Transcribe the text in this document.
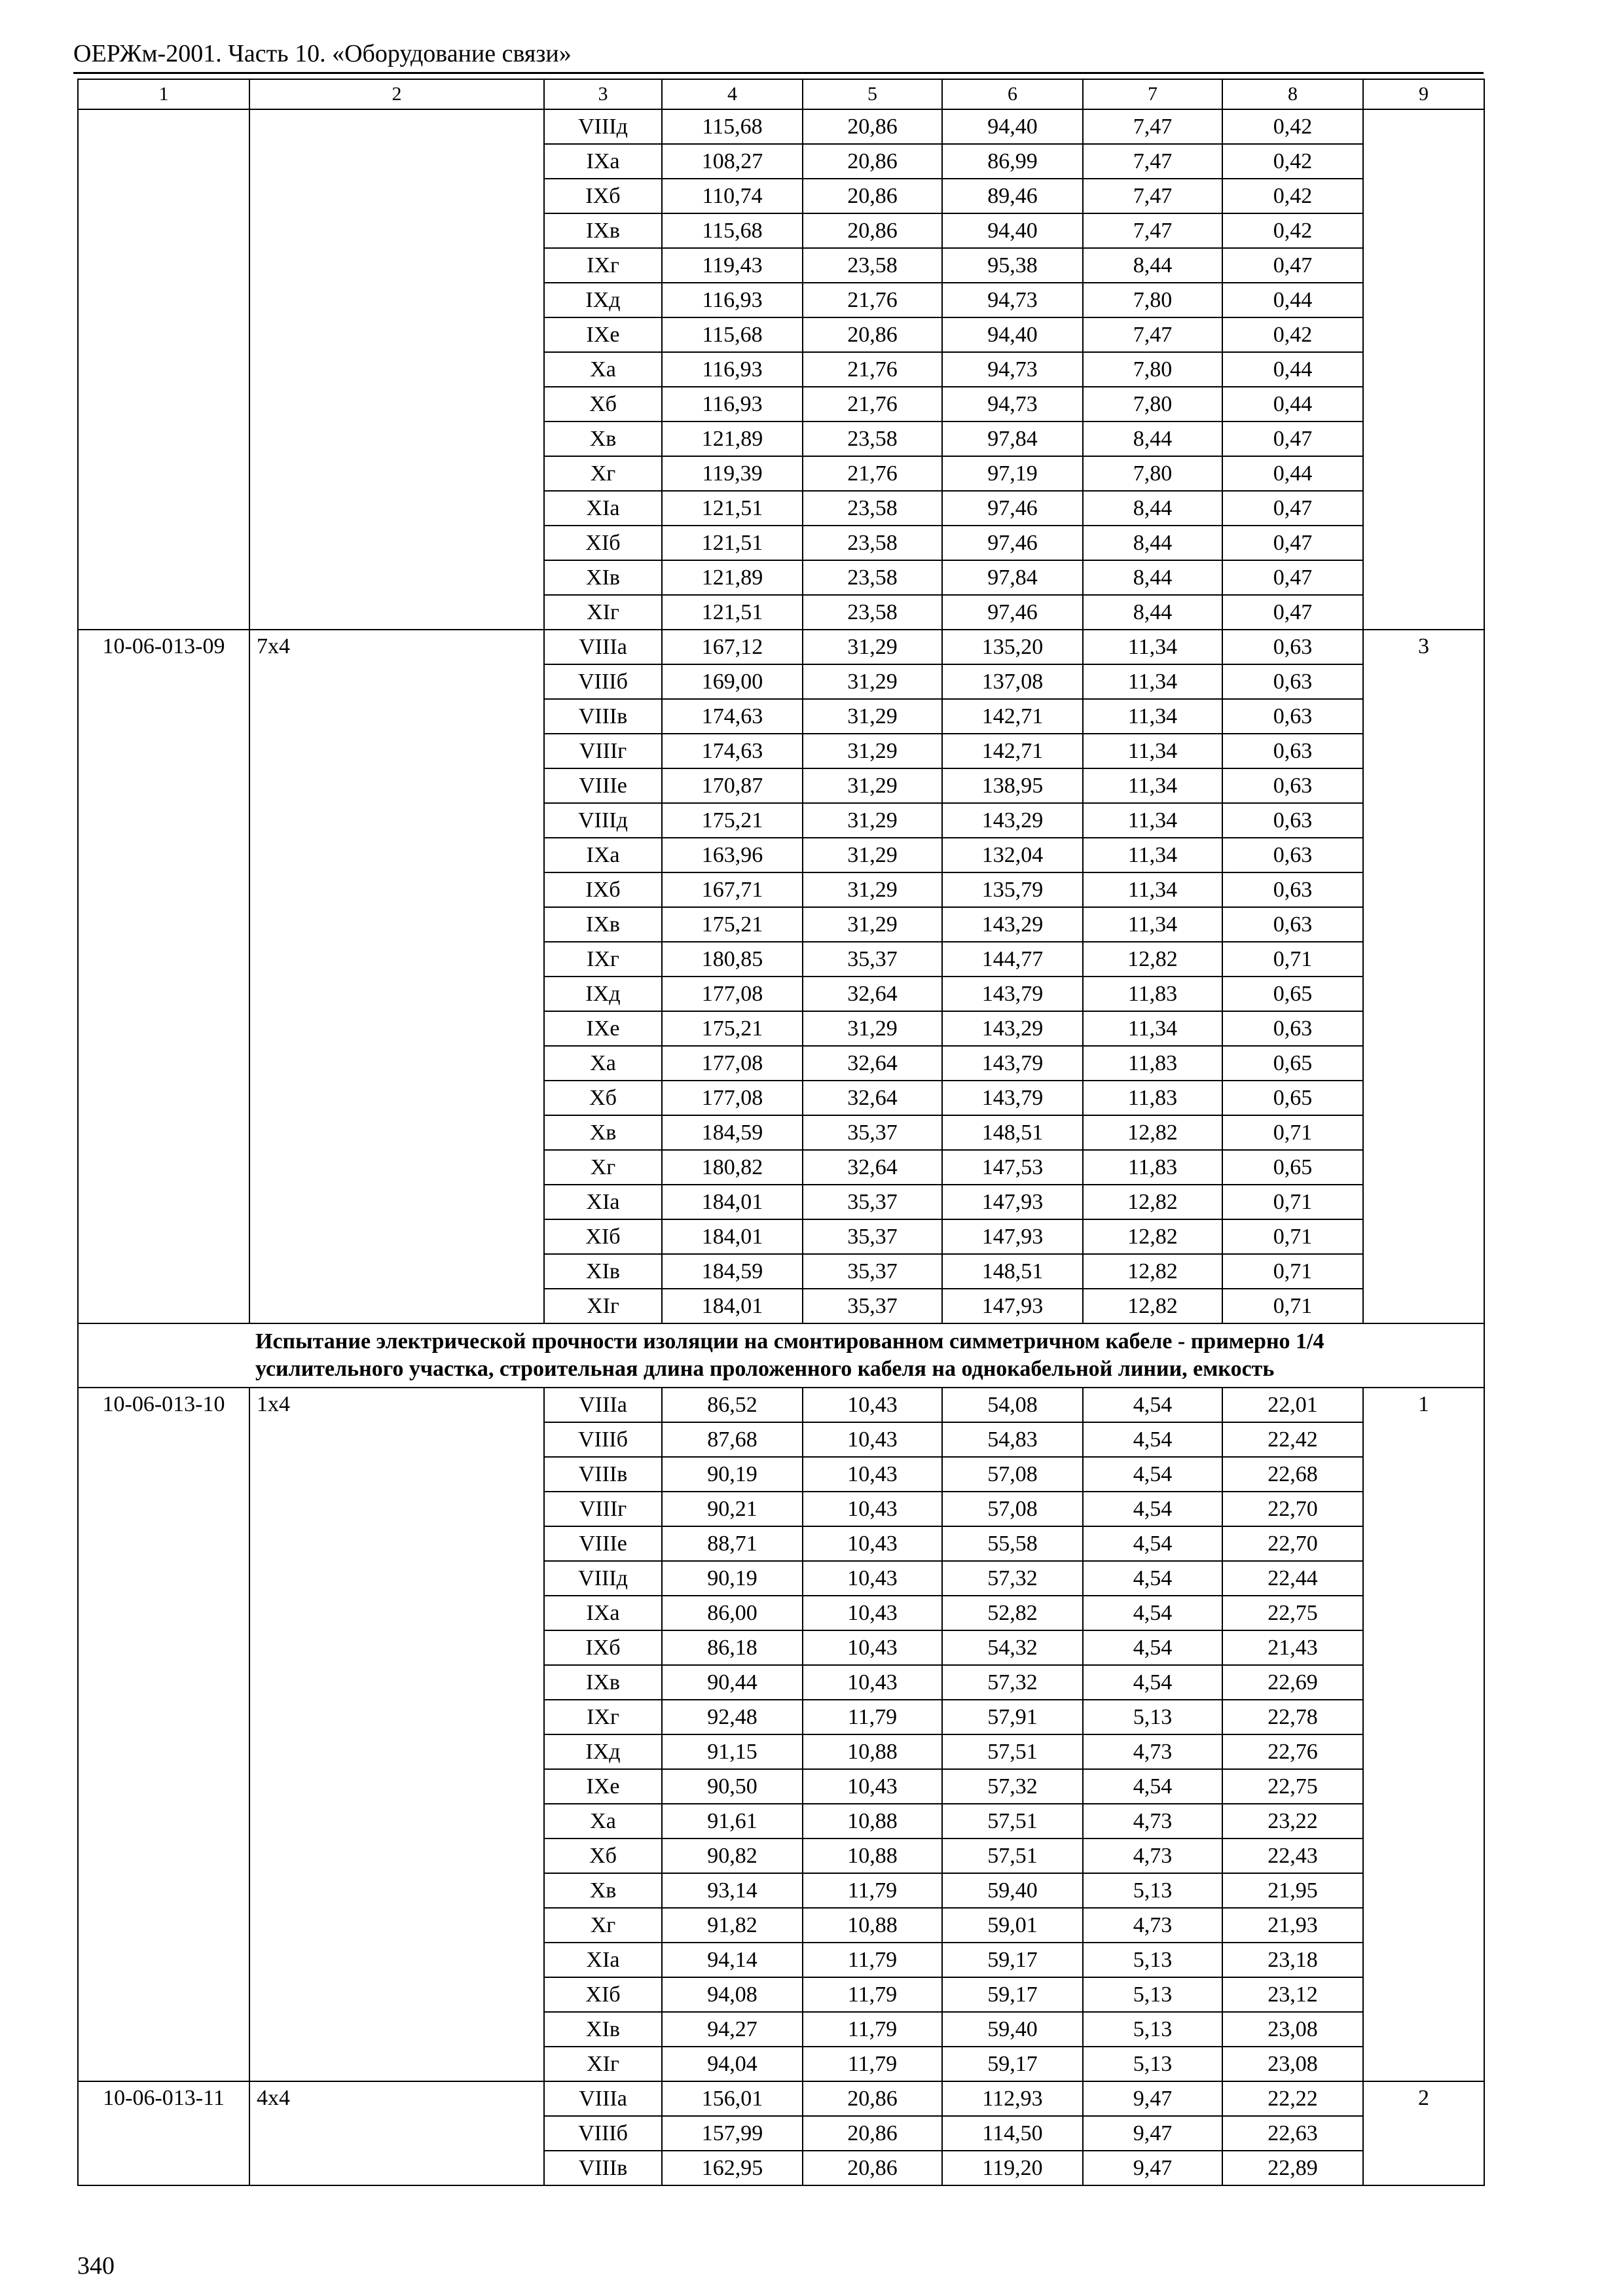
ОЕРЖм-2001. Часть 10. «Оборудование связи»
1	2	3	4	5	6	7	8	9
		VIIIд	115,68	20,86	94,40	7,47	0,42	
		IXа	108,27	20,86	86,99	7,47	0,42	
		IXб	110,74	20,86	89,46	7,47	0,42	
		IXв	115,68	20,86	94,40	7,47	0,42	
		IXг	119,43	23,58	95,38	8,44	0,47	
		IXд	116,93	21,76	94,73	7,80	0,44	
		IXе	115,68	20,86	94,40	7,47	0,42	
		Xа	116,93	21,76	94,73	7,80	0,44	
		Xб	116,93	21,76	94,73	7,80	0,44	
		Xв	121,89	23,58	97,84	8,44	0,47	
		Xг	119,39	21,76	97,19	7,80	0,44	
		XIа	121,51	23,58	97,46	8,44	0,47	
		XIб	121,51	23,58	97,46	8,44	0,47	
		XIв	121,89	23,58	97,84	8,44	0,47	
		XIг	121,51	23,58	97,46	8,44	0,47	
10-06-013-09	7x4	VIIIа	167,12	31,29	135,20	11,34	0,63	3
		VIIIб	169,00	31,29	137,08	11,34	0,63	
		VIIIв	174,63	31,29	142,71	11,34	0,63	
		VIIIг	174,63	31,29	142,71	11,34	0,63	
		VIIIе	170,87	31,29	138,95	11,34	0,63	
		VIIIд	175,21	31,29	143,29	11,34	0,63	
		IXа	163,96	31,29	132,04	11,34	0,63	
		IXб	167,71	31,29	135,79	11,34	0,63	
		IXв	175,21	31,29	143,29	11,34	0,63	
		IXг	180,85	35,37	144,77	12,82	0,71	
		IXд	177,08	32,64	143,79	11,83	0,65	
		IXе	175,21	31,29	143,29	11,34	0,63	
		Xа	177,08	32,64	143,79	11,83	0,65	
		Xб	177,08	32,64	143,79	11,83	0,65	
		Xв	184,59	35,37	148,51	12,82	0,71	
		Xг	180,82	32,64	147,53	11,83	0,65	
		XIа	184,01	35,37	147,93	12,82	0,71	
		XIб	184,01	35,37	147,93	12,82	0,71	
		XIв	184,59	35,37	148,51	12,82	0,71	
		XIг	184,01	35,37	147,93	12,82	0,71	
Испытание электрической прочности изоляции на смонтированном симметричном кабеле - примерно 1/4 усилительного участка, строительная длина проложенного кабеля на однокабельной линии, емкость								
10-06-013-10	1x4	VIIIа	86,52	10,43	54,08	4,54	22,01	1
		VIIIб	87,68	10,43	54,83	4,54	22,42	
		VIIIв	90,19	10,43	57,08	4,54	22,68	
		VIIIг	90,21	10,43	57,08	4,54	22,70	
		VIIIе	88,71	10,43	55,58	4,54	22,70	
		VIIIд	90,19	10,43	57,32	4,54	22,44	
		IXа	86,00	10,43	52,82	4,54	22,75	
		IXб	86,18	10,43	54,32	4,54	21,43	
		IXв	90,44	10,43	57,32	4,54	22,69	
		IXг	92,48	11,79	57,91	5,13	22,78	
		IXд	91,15	10,88	57,51	4,73	22,76	
		IXе	90,50	10,43	57,32	4,54	22,75	
		Xа	91,61	10,88	57,51	4,73	23,22	
		Xб	90,82	10,88	57,51	4,73	22,43	
		Xв	93,14	11,79	59,40	5,13	21,95	
		Xг	91,82	10,88	59,01	4,73	21,93	
		XIа	94,14	11,79	59,17	5,13	23,18	
		XIб	94,08	11,79	59,17	5,13	23,12	
		XIв	94,27	11,79	59,40	5,13	23,08	
		XIг	94,04	11,79	59,17	5,13	23,08	
10-06-013-11	4x4	VIIIа	156,01	20,86	112,93	9,47	22,22	2
		VIIIб	157,99	20,86	114,50	9,47	22,63	
		VIIIв	162,95	20,86	119,20	9,47	22,89	
340
